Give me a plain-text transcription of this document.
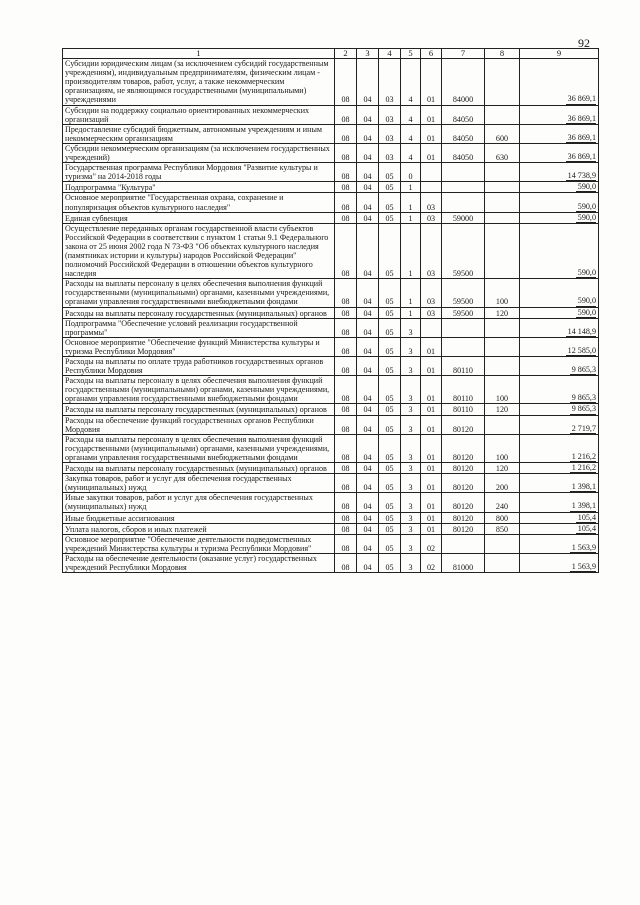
92
1	2	3	4	5	6	7	8	9
Субсидии юридическим лицам (за исключением субсидий государственным учреждениям), индивидуальным предпринимателям, физическим лицам - производителям товаров, работ, услуг, а также некоммерческим организациям, не являющимся государственными (муниципальными) учреждениями	08	04	03	4	01	84000		36 869,1
Субсидии на поддержку социально ориентированных некоммерческих организаций	08	04	03	4	01	84050		36 869,1
Предоставление субсидий бюджетным, автономным учреждениям и иным некоммерческим организациям	08	04	03	4	01	84050	600	36 869,1
Субсидии некоммерческим организациям (за исключением государственных учреждений)	08	04	03	4	01	84050	630	36 869,1
Государственная программа Республики Мордовия "Развитие культуры и туризма" на 2014-2018 годы	08	04	05	0				14 738,9
Подпрограмма "Культура"	08	04	05	1				590,0
Основное мероприятие "Государственная охрана, сохранение и популяризация объектов культурного наследия"	08	04	05	1	03			590,0
Единая субвенция	08	04	05	1	03	59000		590,0
Осуществление переданных органам государственной власти субъектов Российской Федерации в соответствии с пунктом 1 статьи 9.1 Федерального закона от 25 июня 2002 года N 73-ФЗ "Об объектах культурного наследия (памятниках истории и культуры) народов Российской Федерации" полномочий Российской Федерации в отношении объектов культурного наследия	08	04	05	1	03	59500		590,0
Расходы на выплаты персоналу в целях обеспечения выполнения функций государственными (муниципальными) органами, казенными учреждениями, органами управления государственными внебюджетными фондами	08	04	05	1	03	59500	100	590,0
Расходы на выплаты персоналу государственных (муниципальных) органов	08	04	05	1	03	59500	120	590,0
Подпрограмма "Обеспечение условий реализации государственной программы"	08	04	05	3				14 148,9
Основное мероприятие "Обеспечение функций Министерства культуры и туризма Республики Мордовия"	08	04	05	3	01			12 585,0
Расходы на выплаты по оплате труда работников государственных органов Республики Мордовия	08	04	05	3	01	80110		9 865,3
Расходы на выплаты персоналу в целях обеспечения выполнения функций государственными (муниципальными) органами, казенными учреждениями, органами управления государственными внебюджетными фондами	08	04	05	3	01	80110	100	9 865,3
Расходы на выплаты персоналу государственных (муниципальных) органов	08	04	05	3	01	80110	120	9 865,3
Расходы на обеспечение функций государственных органов Республики Мордовия	08	04	05	3	01	80120		2 719,7
Расходы на выплаты персоналу в целях обеспечения выполнения функций государственными (муниципальными) органами, казенными учреждениями, органами управления государственными внебюджетными фондами	08	04	05	3	01	80120	100	1 216,2
Расходы на выплаты персоналу государственных (муниципальных) органов	08	04	05	3	01	80120	120	1 216,2
Закупка товаров, работ и услуг для обеспечения государственных (муниципальных) нужд	08	04	05	3	01	80120	200	1 398,1
Иные закупки товаров, работ и услуг для обеспечения государственных (муниципальных) нужд	08	04	05	3	01	80120	240	1 398,1
Иные бюджетные ассигнования	08	04	05	3	01	80120	800	105,4
Уплата налогов, сборов и иных платежей	08	04	05	3	01	80120	850	105,4
Основное мероприятие "Обеспечение деятельности подведомственных учреждений Министерства культуры и туризма Республики Мордовия"	08	04	05	3	02			1 563,9
Расходы на обеспечение деятельности (оказание услуг) государственных учреждений Республики Мордовия	08	04	05	3	02	81000		1 563,9
